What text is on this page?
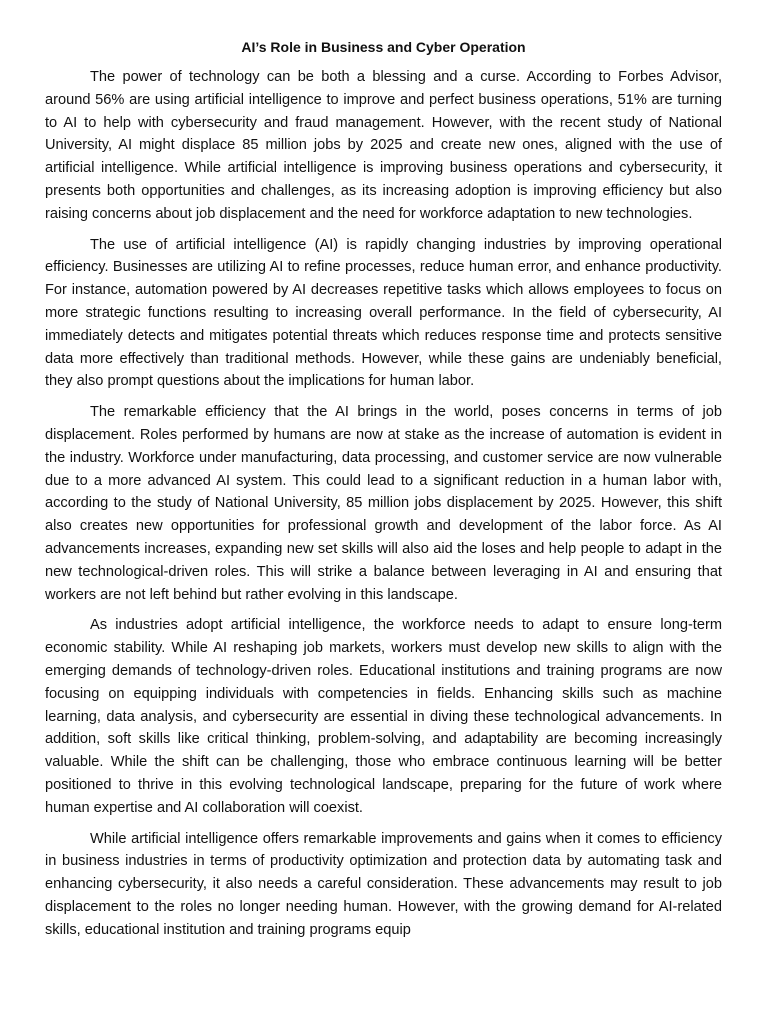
AI’s Role in Business and Cyber Operation

The power of technology can be both a blessing and a curse. According to Forbes Advisor, around 56% are using artificial intelligence to improve and perfect business operations, 51% are turning to AI to help with cybersecurity and fraud management. However, with the recent study of National University, AI might displace 85 million jobs by 2025 and create new ones, aligned with the use of artificial intelligence. While artificial intelligence is improving business operations and cybersecurity, it presents both opportunities and challenges, as its increasing adoption is improving efficiency but also raising concerns about job displacement and the need for workforce adaptation to new technologies.

The use of artificial intelligence (AI) is rapidly changing industries by improving operational efficiency. Businesses are utilizing AI to refine processes, reduce human error, and enhance productivity. For instance, automation powered by AI decreases repetitive tasks which allows employees to focus on more strategic functions resulting to increasing overall performance. In the field of cybersecurity, AI immediately detects and mitigates potential threats which reduces response time and protects sensitive data more effectively than traditional methods. However, while these gains are undeniably beneficial, they also prompt questions about the implications for human labor.

The remarkable efficiency that the AI brings in the world, poses concerns in terms of job displacement. Roles performed by humans are now at stake as the increase of automation is evident in the industry. Workforce under manufacturing, data processing, and customer service are now vulnerable due to a more advanced AI system. This could lead to a significant reduction in a human labor with, according to the study of National University, 85 million jobs displacement by 2025. However, this shift also creates new opportunities for professional growth and development of the labor force. As AI advancements increases, expanding new set skills will also aid the loses and help people to adapt in the new technological-driven roles. This will strike a balance between leveraging in AI and ensuring that workers are not left behind but rather evolving in this landscape.

As industries adopt artificial intelligence, the workforce needs to adapt to ensure long-term economic stability. While AI reshaping job markets, workers must develop new skills to align with the emerging demands of technology-driven roles. Educational institutions and training programs are now focusing on equipping individuals with competencies in fields. Enhancing skills such as machine learning, data analysis, and cybersecurity are essential in diving these technological advancements. In addition, soft skills like critical thinking, problem-solving, and adaptability are becoming increasingly valuable. While the shift can be challenging, those who embrace continuous learning will be better positioned to thrive in this evolving technological landscape, preparing for the future of work where human expertise and AI collaboration will coexist.

While artificial intelligence offers remarkable improvements and gains when it comes to efficiency in business industries in terms of productivity optimization and protection data by automating task and enhancing cybersecurity, it also needs a careful consideration. These advancements may result to job displacement to the roles no longer needing human. However, with the growing demand for AI-related skills, educational institution and training programs equip
